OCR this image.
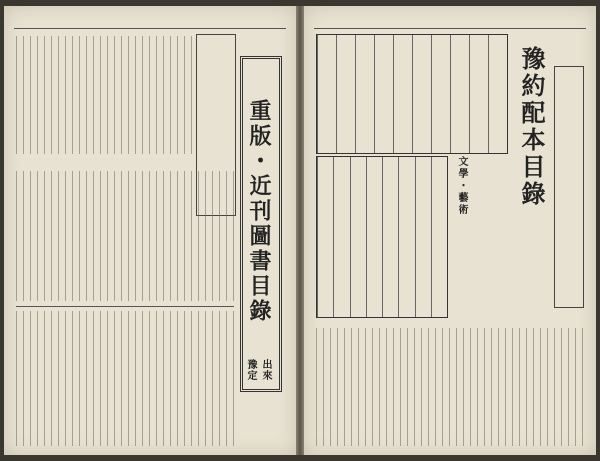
重版・近刊圖書目錄
出來豫定
豫約配本目錄
文學・藝術
